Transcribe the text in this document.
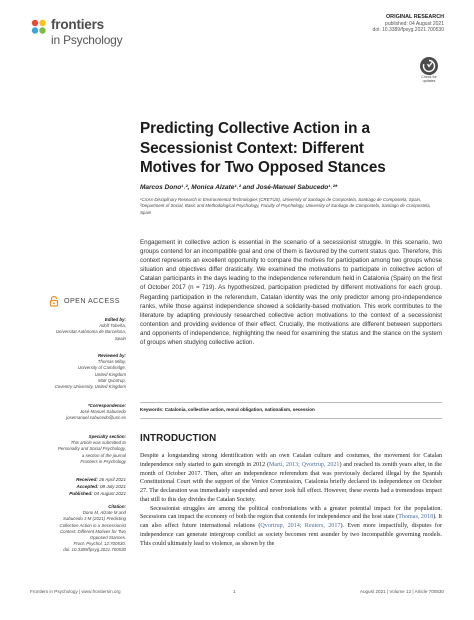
frontiers
in Psychology
ORIGINAL RESEARCH
published: 04 August 2021
doi: 10.3389/fpsyg.2021.700530
Check for updates
Predicting Collective Action in a
Secessionist Context: Different
Motives for Two Opposed Stances
Marcos Dono¹˒², Monica Alzate¹˒² and José-Manuel Sabucedo¹˒²*
¹Cross-Disciplinary Research in Environmental Technologies (CRETUS), University of Santiago de Compostela, Santiago de Compostela, Spain, ²Department of Social, Basic and Methodological Psychology, Faculty of Psychology, University of Santiago de Compostela, Santiago de Compostela, Spain
Engagement in collective action is essential in the scenario of a secessionist struggle. In this scenario, two groups contend for an incompatible goal and one of them is favoured by the current status quo. Therefore, this context represents an excellent opportunity to compare the motives for participation among two groups whose situation and objectives differ drastically. We examined the motivations to participate in collective action of Catalan participants in the days leading to the independence referendum held in Catalonia (Spain) on the first of October 2017 (n = 719). As hypothesized, participation predicted by different motivations for each group. Regarding participation in the referendum, Catalan identity was the only predictor among pro-independence ranks, while those against independence showed a solidarity-based motivation. This work contributes to the literature by adapting previously researched collective action motivations to the context of a secessionist contention and providing evidence of their effect. Crucially, the motivations are different between supporters and opponents of independence, highlighting the need for examining the status and the stance on the system of groups when studying collective action.
Keywords: Catalonia, collective action, moral obligation, nationalism, secession
OPEN ACCESS
Edited by:
Adolf Tobeña,
Universitat Autònoma de Barcelona,
Spain
Reviewed by:
Thomas Milay,
University of Cambridge,
United Kingdom
Matt Qvortrup,
Coventry University, United Kingdom
*Correspondence:
José-Manuel Sabucedo
josemanuel.sabucedo@usc.es
Specialty section:
This article was submitted to
Personality and Social Psychology,
a section of the journal
Frontiers in Psychology
Received: 26 April 2021
Accepted: 08 July 2021
Published: 04 August 2021
Citation:
Dono M, Alzate M and
Sabucedo J-M (2021) Predicting
Collective Action in a Secessionist
Context: Different Motives for Two
Opposed Stances.
Front. Psychol. 12:700530.
doi: 10.3389/fpsyg.2021.700530
INTRODUCTION

Despite a longstanding strong identification with an own Catalan culture and costumes, the movement for Catalan independence only started to gain strength in 2012 (Martí, 2013; Qvortrup, 2021) and reached its zenith years after, in the month of October 2017. Then, after an independence referendum that was previously declared illegal by the Spanish Constitutional Court with the support of the Venice Commission, Catalonia briefly declared its independence on October 27. The declaration was immediately suspended and never took full effect. However, these events had a tremendous impact that still to this day divides the Catalan Society.

Secessionist struggles are among the political confrontations with a greater potential impact for the population. Secessions can impact the economy of both the region that contends for independence and the host state (Thomas, 2018). It can also affect future international relations (Qvortrup, 2014; Reuters, 2017). Even more impactfully, disputes for independence can generate intergroup conflict as society becomes rent asunder by two incompatible governing models. This could ultimately lead to violence, as shown by the

Frontiers in Psychology | www.frontiersin.org	1	August 2021 | Volume 12 | Article 700530
